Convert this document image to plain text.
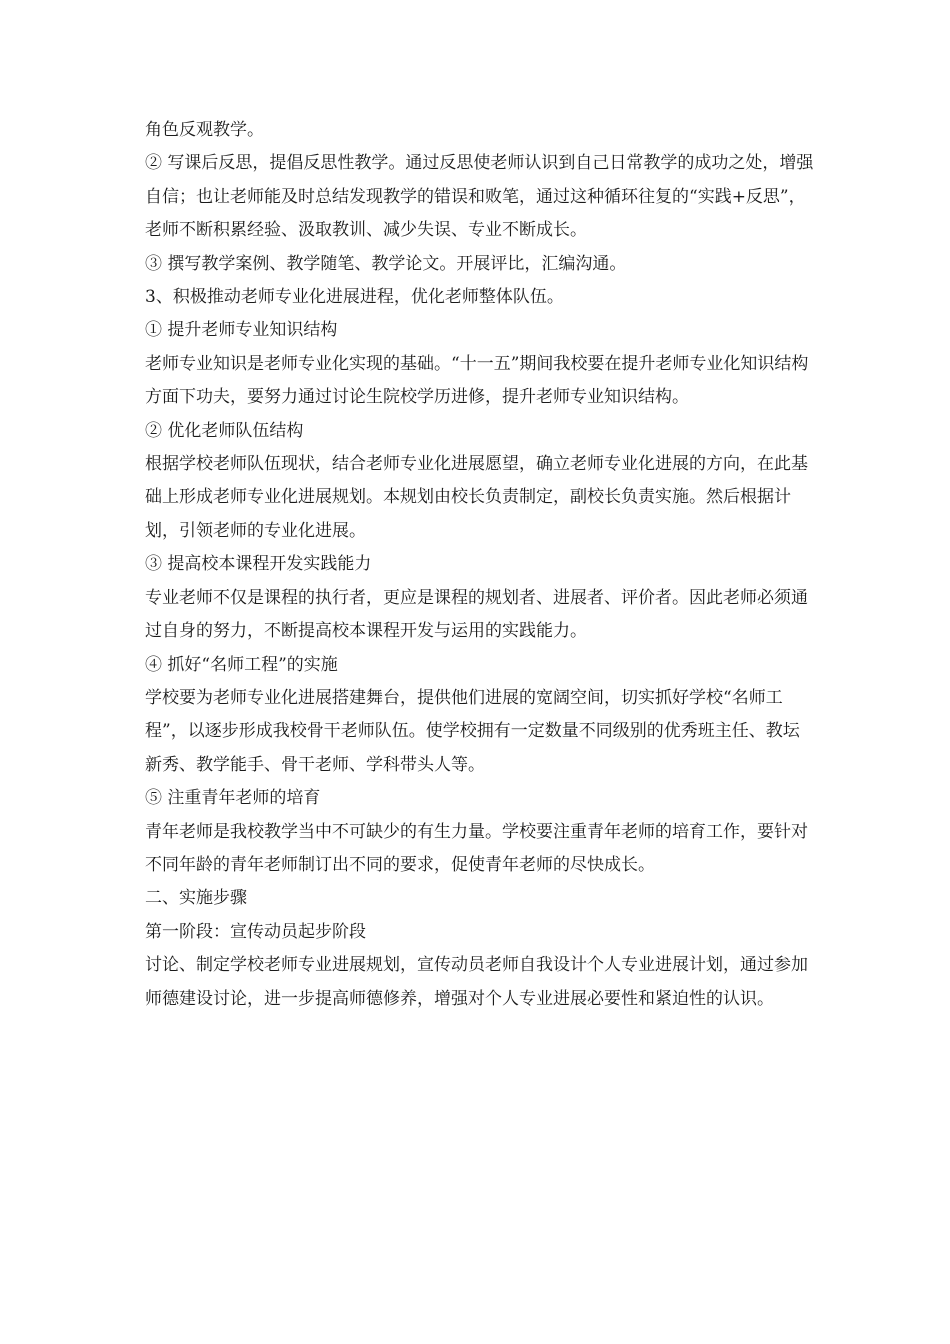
角色反观教学。

② 写课后反思，提倡反思性教学。通过反思使老师认识到自己日常教学的成功之处，增强自信；也让老师能及时总结发现教学的错误和败笔，通过这种循环往复的“实践+反思”，老师不断积累经验、汲取教训、减少失误、专业不断成长。

③ 撰写教学案例、教学随笔、教学论文。开展评比，汇编沟通。

3、积极推动老师专业化进展进程，优化老师整体队伍。

① 提升老师专业知识结构

老师专业知识是老师专业化实现的基础。“十一五”期间我校要在提升老师专业化知识结构方面下功夫，要努力通过讨论生院校学历进修，提升老师专业知识结构。

② 优化老师队伍结构

根据学校老师队伍现状，结合老师专业化进展愿望，确立老师专业化进展的方向，在此基础上形成老师专业化进展规划。本规划由校长负责制定，副校长负责实施。然后根据计划，引领老师的专业化进展。

③ 提高校本课程开发实践能力

专业老师不仅是课程的执行者，更应是课程的规划者、进展者、评价者。因此老师必须通过自身的努力，不断提高校本课程开发与运用的实践能力。

④ 抓好“名师工程”的实施

学校要为老师专业化进展搭建舞台，提供他们进展的宽阔空间，切实抓好学校“名师工程”，以逐步形成我校骨干老师队伍。使学校拥有一定数量不同级别的优秀班主任、教坛新秀、教学能手、骨干老师、学科带头人等。

⑤ 注重青年老师的培育

青年老师是我校教学当中不可缺少的有生力量。学校要注重青年老师的培育工作，要针对不同年龄的青年老师制订出不同的要求，促使青年老师的尽快成长。

二、实施步骤

第一阶段：宣传动员起步阶段

讨论、制定学校老师专业进展规划，宣传动员老师自我设计个人专业进展计划，通过参加师德建设讨论，进一步提高师德修养，增强对个人专业进展必要性和紧迫性的认识。
